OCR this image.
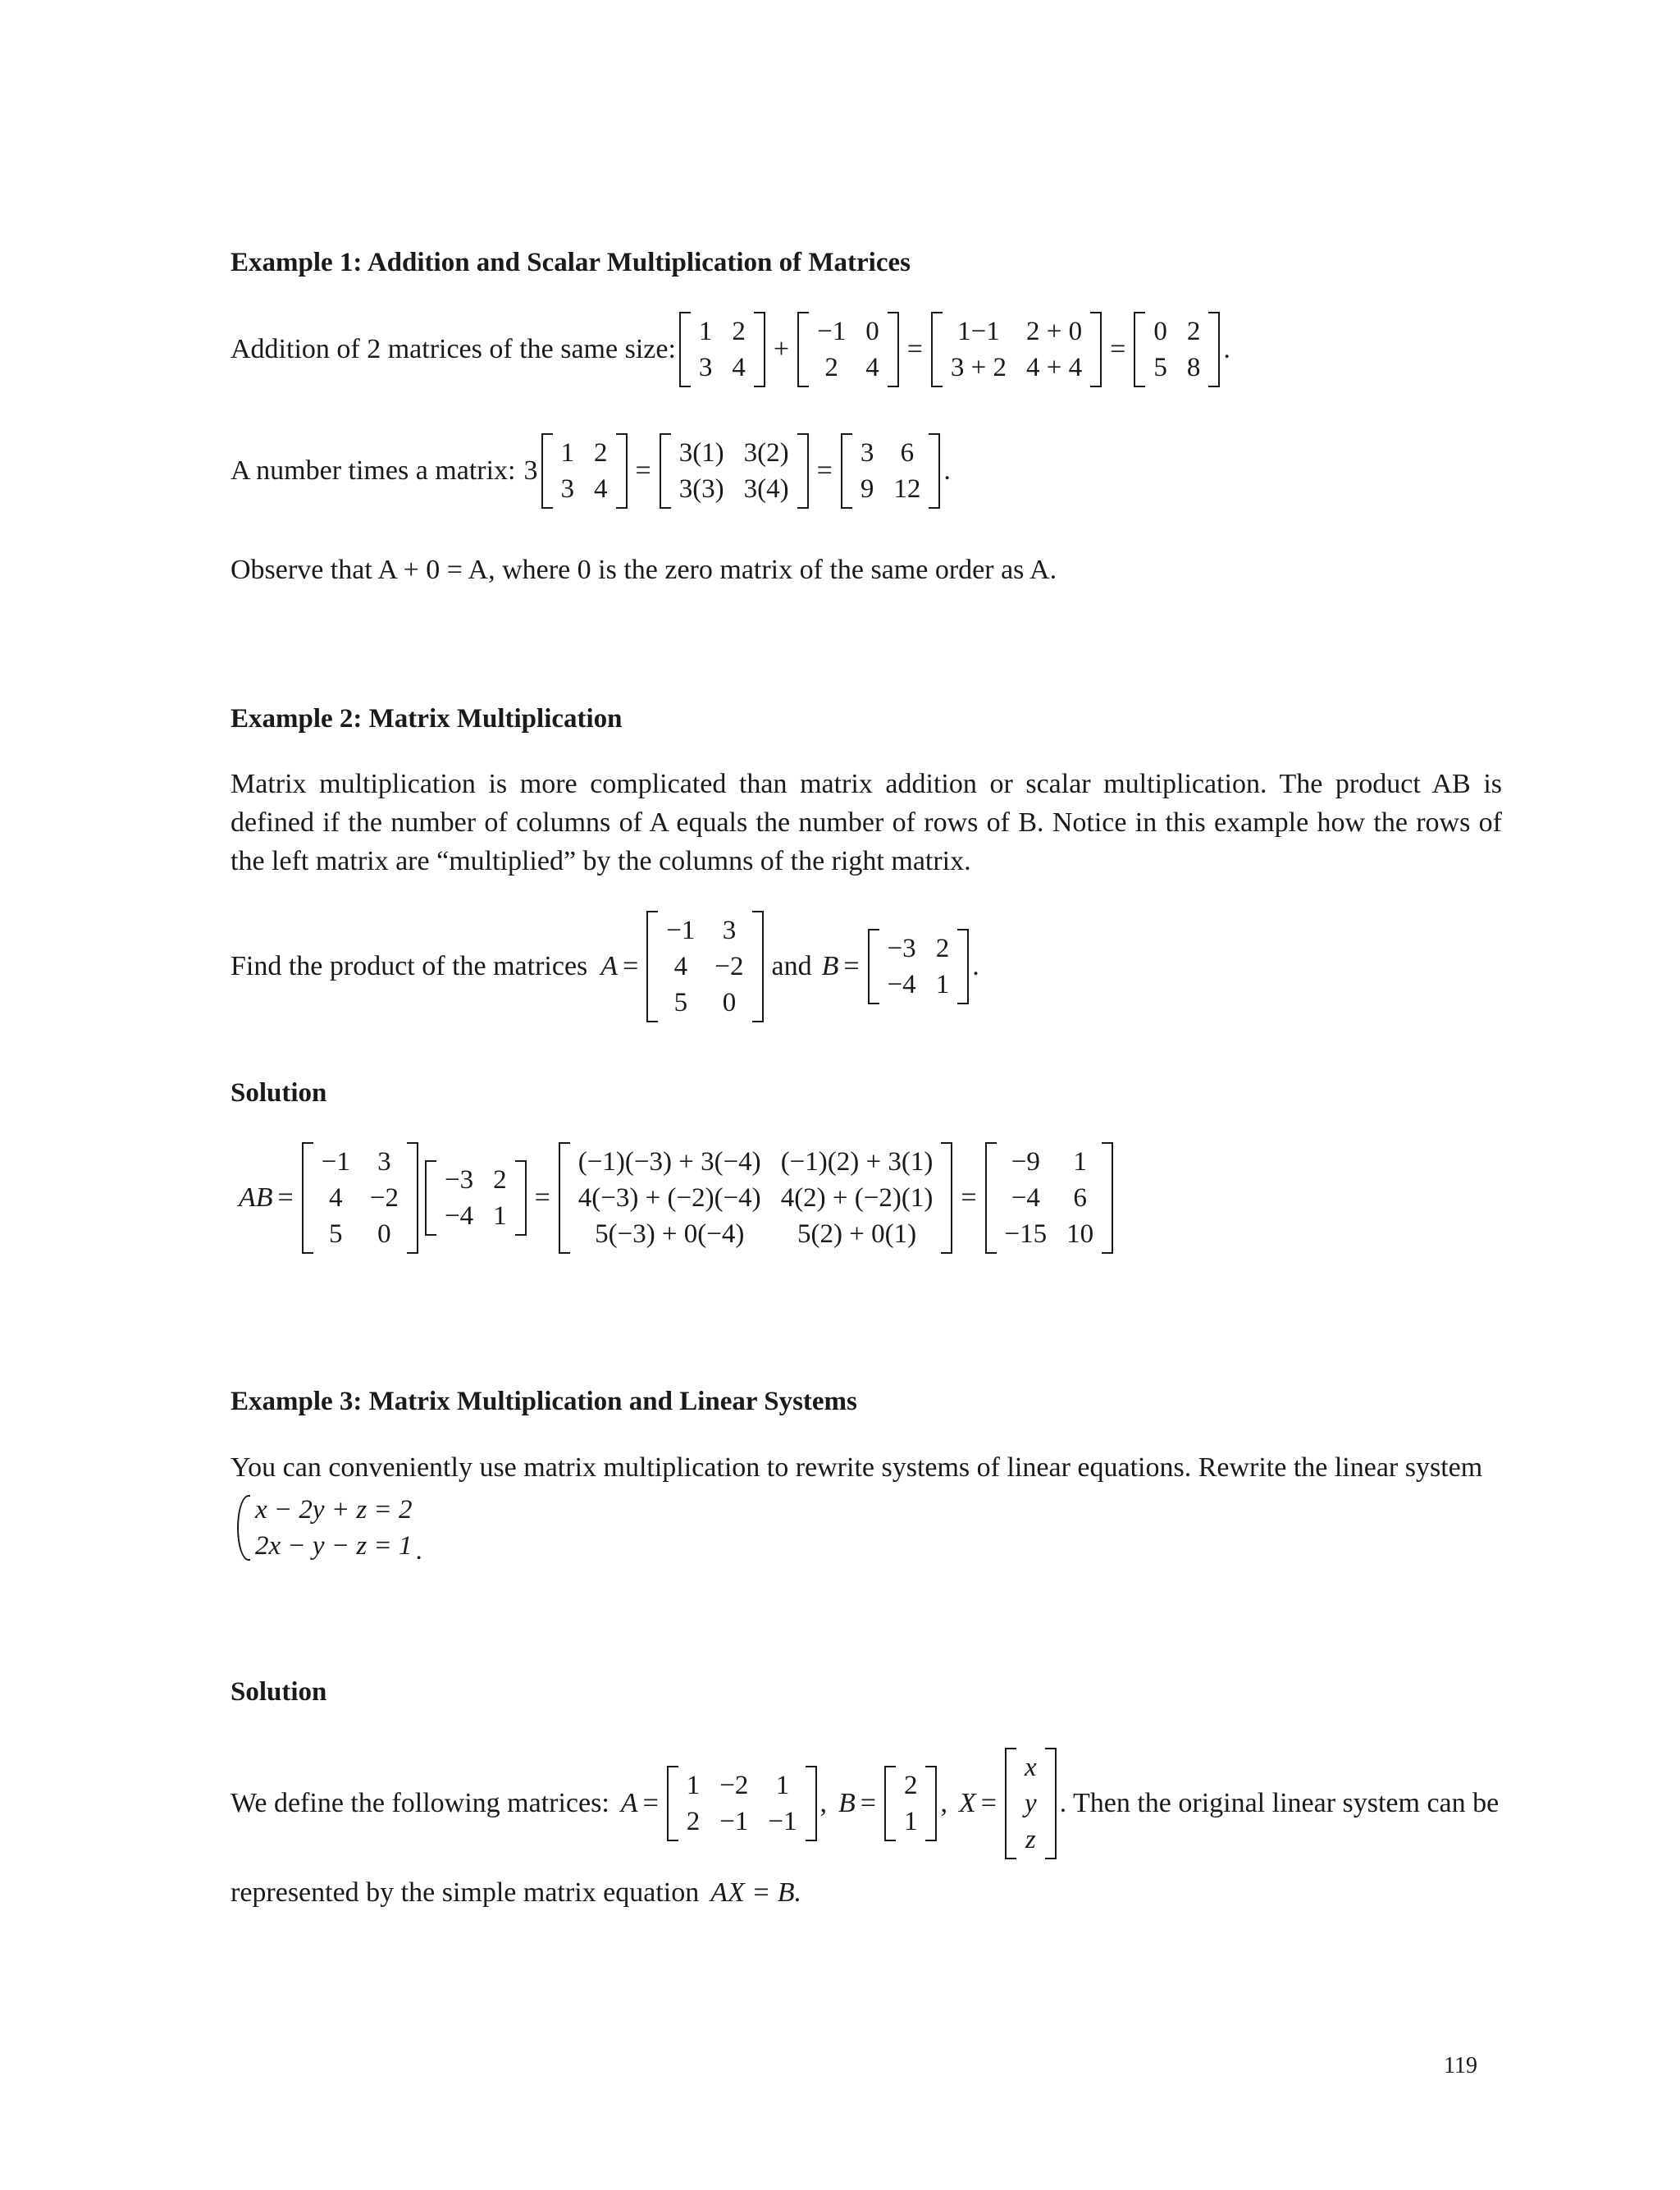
Example 1: Addition and Scalar Multiplication of Matrices
Addition of 2 matrices of the same size:
1	2
3	4
+
−1	0
2	4
=
1−1	2 + 0
3 + 2	4 + 4
=
0	2
5	8
.
A number times a matrix: 3
1	2
3	4
=
3(1)	3(2)
3(3)	3(4)
=
3	6
9	12
.
Observe that A + 0 = A, where 0 is the zero matrix of the same order as A.
Example 2: Matrix Multiplication
Matrix multiplication is more complicated than matrix addition or scalar multiplication. The product AB is defined if the number of columns of A equals the number of rows of B. Notice in this example how the rows of the left matrix are “multiplied” by the columns of the right matrix.
Find the product of the matrices A =
−1	3
4	−2
5	0
and B =
−3	2
−4	1
.
Solution
AB =
−1	3
4	−2
5	0
−3	2
−4	1
=
(−1)(−3) + 3(−4)	(−1)(2) + 3(1)
4(−3) + (−2)(−4)	4(2) + (−2)(1)
5(−3) + 0(−4)	5(2) + 0(1)
=
−9	1
−4	6
−15	10
Example 3: Matrix Multiplication and Linear Systems
You can conveniently use matrix multiplication to rewrite systems of linear equations. Rewrite the linear system
x − 2y + z = 2
2x − y − z = 1 .
Solution
We define the following matrices: A =
1	−2	1
2	−1	−1
, B =
2
1
, X =
x
y
z
. Then the original linear system can be
represented by the simple matrix equation AX = B.
119
